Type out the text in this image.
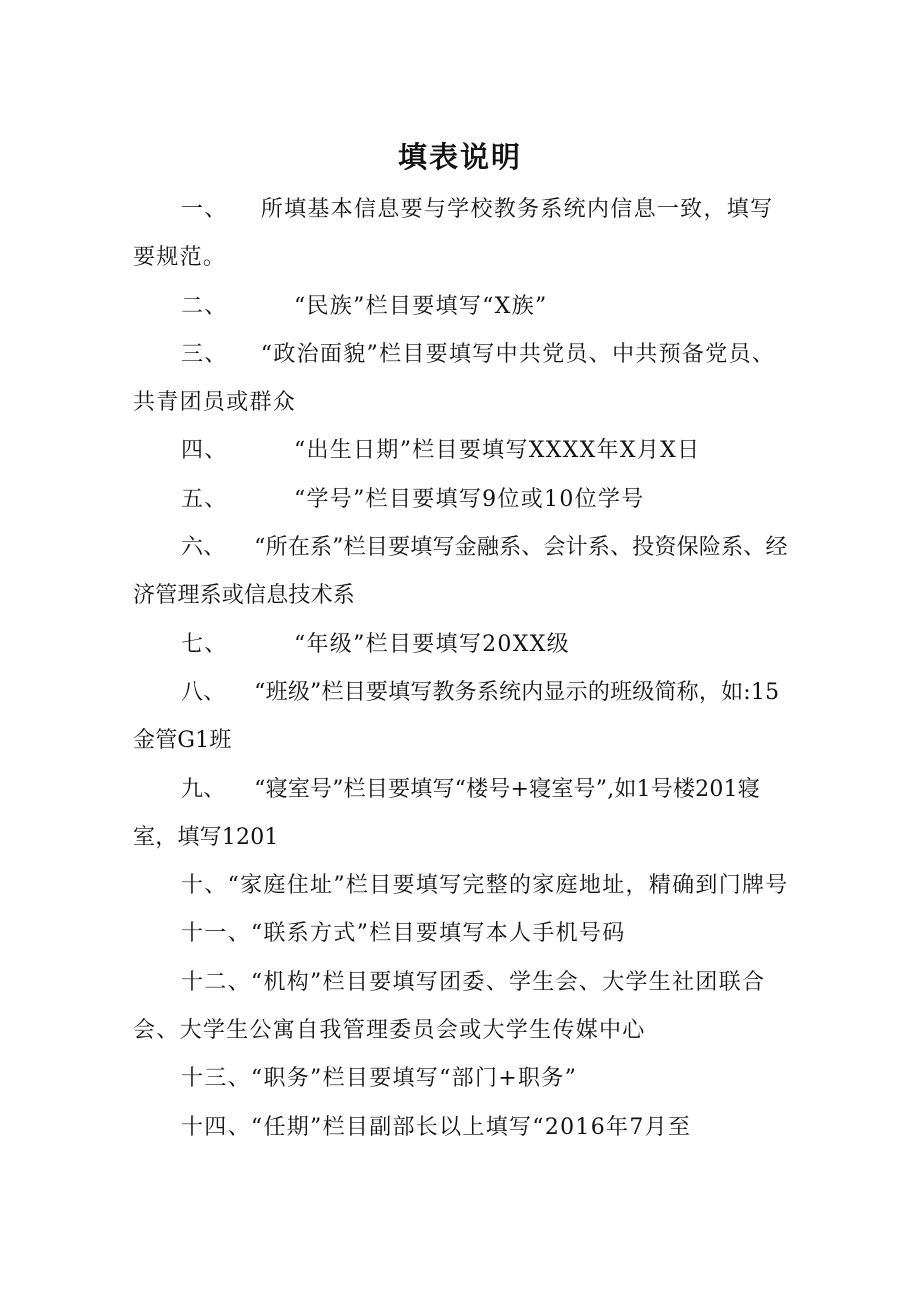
填表说明

一、    所填基本信息要与学校教务系统内信息一致，填写要规范。

二、        “民族”栏目要填写“X族”

三、    “政治面貌”栏目要填写中共党员、中共预备党员、共青团员或群众

四、        “出生日期”栏目要填写XXXX年X月X日

五、        “学号”栏目要填写9位或10位学号

六、    “所在系”栏目要填写金融系、会计系、投资保险系、经济管理系或信息技术系

七、        “年级”栏目要填写20XX级

八、    “班级”栏目要填写教务系统内显示的班级简称，如:15金管G1班

九、    “寝室号”栏目要填写“楼号+寝室号”,如1号楼201寝室，填写1201

十、“家庭住址”栏目要填写完整的家庭地址，精确到门牌号

十一、“联系方式”栏目要填写本人手机号码

十二、“机构”栏目要填写团委、学生会、大学生社团联合会、大学生公寓自我管理委员会或大学生传媒中心

十三、“职务”栏目要填写“部门+职务”

十四、“任期”栏目副部长以上填写“2016年7月至
